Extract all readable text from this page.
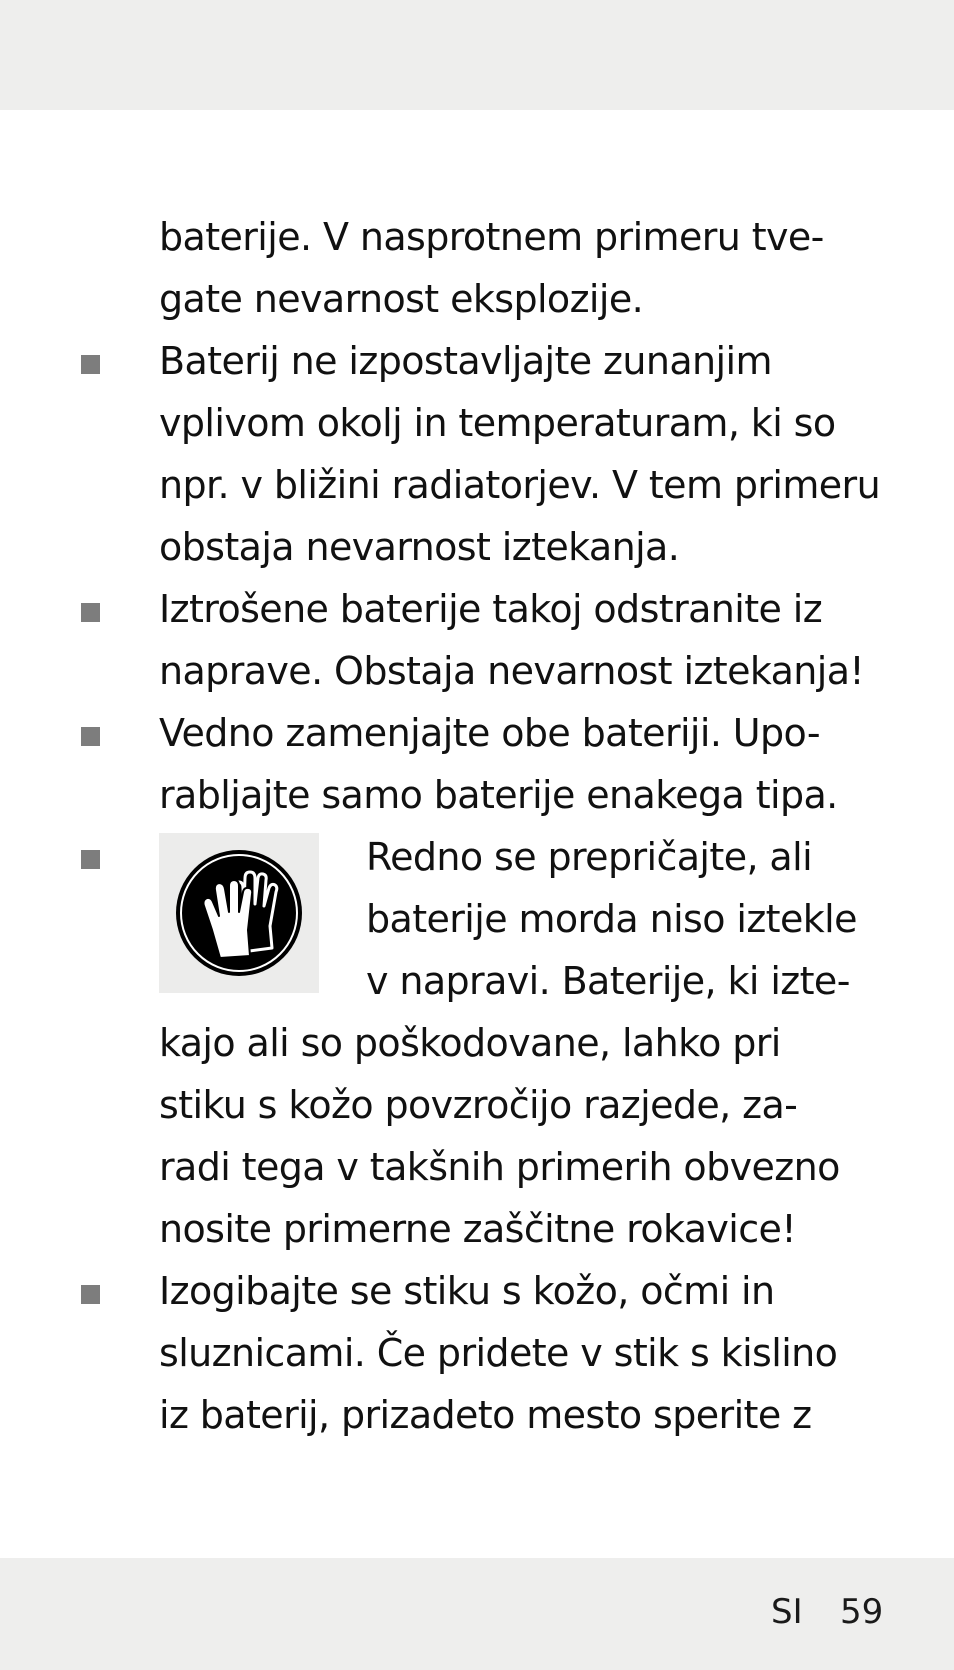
baterije. V nasprotnem primeru tve-
gate nevarnost eksplozije.
Baterij ne izpostavljajte zunanjim
vplivom okolj in temperaturam, ki so
npr. v bližini radiatorjev. V tem primeru
obstaja nevarnost iztekanja.
Iztrošene baterije takoj odstranite iz
naprave. Obstaja nevarnost iztekanja!
Vedno zamenjajte obe bateriji. Upo-
rabljajte samo baterije enakega tipa.
Redno se prepričajte, ali
baterije morda niso iztekle
v napravi. Baterije, ki izte-
kajo ali so poškodovane, lahko pri
stiku s kožo povzročijo razjede, za-
radi tega v takšnih primerih obvezno
nosite primerne zaščitne rokavice!
Izogibajte se stiku s kožo, očmi in
sluznicami. Če pridete v stik s kislino
iz baterij, prizadeto mesto sperite z
SI 59
